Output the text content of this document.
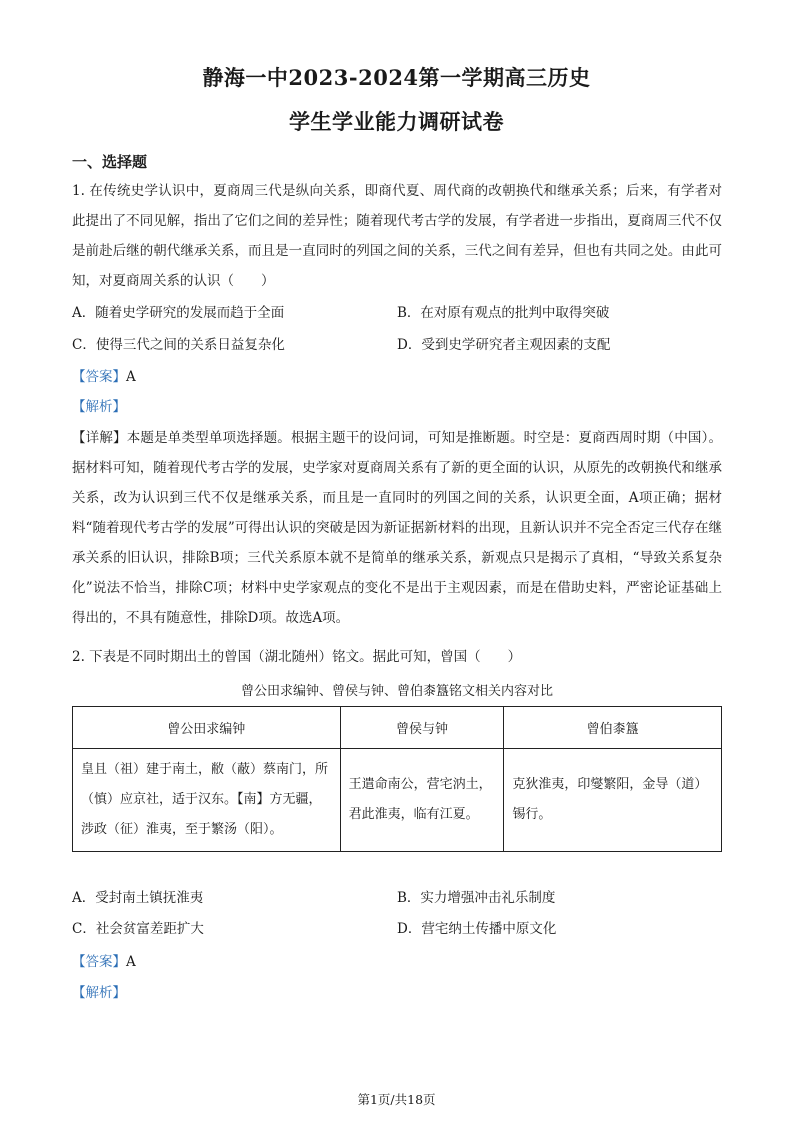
静海一中2023-2024第一学期高三历史
学生学业能力调研试卷
一、选择题
1. 在传统史学认识中，夏商周三代是纵向关系，即商代夏、周代商的改朝换代和继承关系；后来，有学者对此提出了不同见解，指出了它们之间的差异性；随着现代考古学的发展，有学者进一步指出，夏商周三代不仅是前赴后继的朝代继承关系，而且是一直同时的列国之间的关系，三代之间有差异，但也有共同之处。由此可知，对夏商周关系的认识（　　）
A．随着史学研究的发展而趋于全面	B．在对原有观点的批判中取得突破
C．使得三代之间的关系日益复杂化	D．受到史学研究者主观因素的支配
【答案】A
【解析】
【详解】本题是单类型单项选择题。根据主题干的设问词，可知是推断题。时空是：夏商西周时期（中国）。据材料可知，随着现代考古学的发展，史学家对夏商周关系有了新的更全面的认识，从原先的改朝换代和继承关系，改为认识到三代不仅是继承关系，而且是一直同时的列国之间的关系，认识更全面，A项正确；据材料“随着现代考古学的发展”可得出认识的突破是因为新证据新材料的出现，且新认识并不完全否定三代存在继承关系的旧认识，排除B项；三代关系原本就不是简单的继承关系，新观点只是揭示了真相，“导致关系复杂化”说法不恰当，排除C项；材料中史学家观点的变化不是出于主观因素，而是在借助史料，严密论证基础上得出的，不具有随意性，排除D项。故选A项。
2. 下表是不同时期出土的曾国（湖北随州）铭文。据此可知，曾国（　　）
曾公田求编钟、曾侯与钟、曾伯桼簋铭文相关内容对比
曾公田求编钟	曾侯与钟	曾伯桼簋
皇且（祖）建于南土，敝（蔽）蔡南门，所（慎）应京社，适于汉东。【南】方无疆，涉政（征）淮夷，至于繁汤（阳）。	王遣命南公，营宅汭土，君此淮夷，临有江夏。	克狄淮夷，印燮繁阳，金导（道）锡行。
A．受封南土镇抚淮夷	B．实力增强冲击礼乐制度
C．社会贫富差距扩大	D．营宅纳土传播中原文化
【答案】A
【解析】
第1页/共18页
